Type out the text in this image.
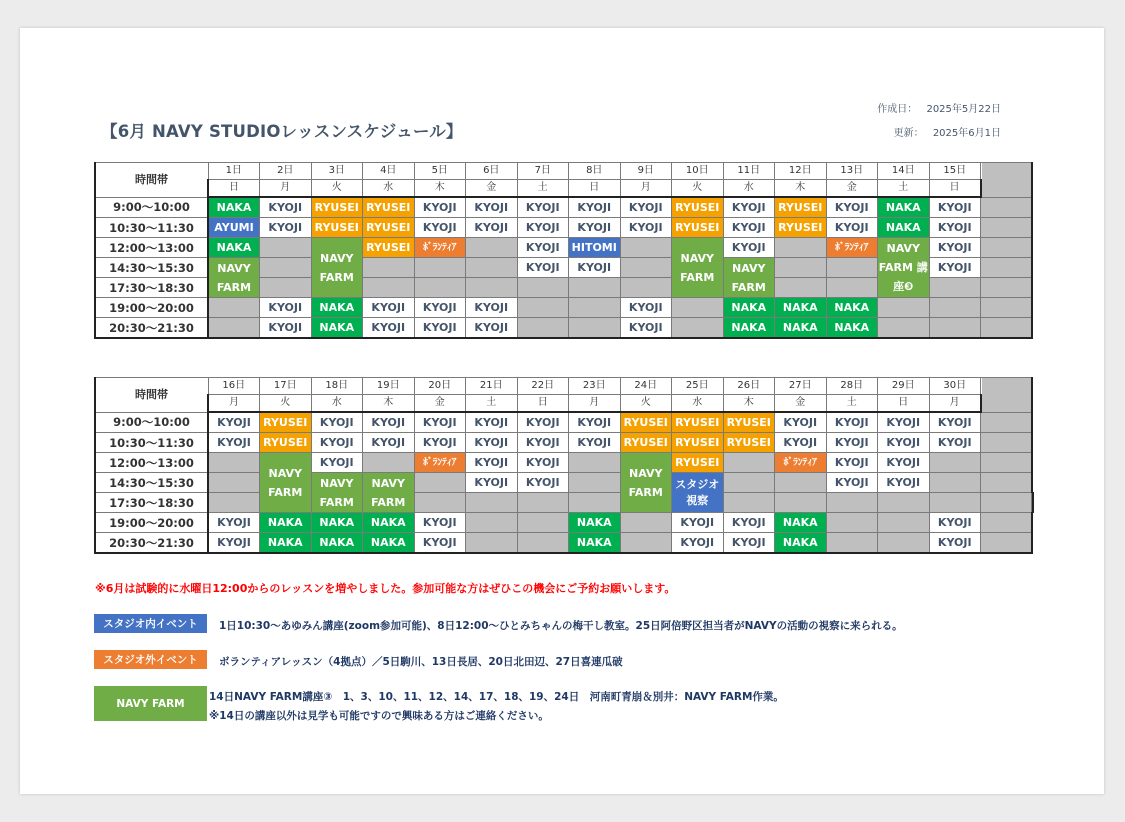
【6月 NAVY STUDIOレッスンスケジュール】
作成日： 2025年5月22日
更新： 2025年6月1日
時間帯	1日	2日	3日	4日	5日	6日	7日	8日	9日	10日	11日	12日	13日	14日	15日	
	日	月	火	水	木	金	土	日	月	火	水	木	金	土	日	
9:00～10:00	NAKA	KYOJI	RYUSEI	RYUSEI	KYOJI	KYOJI	KYOJI	KYOJI	KYOJI	RYUSEI	KYOJI	RYUSEI	KYOJI	NAKA	KYOJI	
10:30～11:30	AYUMI	KYOJI	RYUSEI	RYUSEI	KYOJI	KYOJI	KYOJI	KYOJI	KYOJI	RYUSEI	KYOJI	RYUSEI	KYOJI	NAKA	KYOJI	
12:00～13:00	NAKA		NAVY FARM	RYUSEI	ﾎﾞﾗﾝﾃｨｱ		KYOJI	HITOMI		NAVY FARM	KYOJI		ﾎﾞﾗﾝﾃｨｱ	NAVY FARM 講座❸	KYOJI	
14:30～15:30	NAVY FARM						KYOJI	KYOJI			NAVY FARM				KYOJI	
17:30～18:30																
19:00～20:00		KYOJI	NAKA	KYOJI	KYOJI	KYOJI			KYOJI		NAKA	NAKA	NAKA			
20:30～21:30		KYOJI	NAKA	KYOJI	KYOJI	KYOJI			KYOJI		NAKA	NAKA	NAKA			
時間帯	16日	17日	18日	19日	20日	21日	22日	23日	24日	25日	26日	27日	28日	29日	30日		
	月	火	水	木	金	土	日	月	火	水	木	金	土	日	月		
9:00～10:00	KYOJI	RYUSEI	KYOJI	KYOJI	KYOJI	KYOJI	KYOJI	KYOJI	RYUSEI	RYUSEI	RYUSEI	KYOJI	KYOJI	KYOJI	KYOJI		
10:30～11:30	KYOJI	RYUSEI	KYOJI	KYOJI	KYOJI	KYOJI	KYOJI	KYOJI	RYUSEI	RYUSEI	RYUSEI	KYOJI	KYOJI	KYOJI	KYOJI		
12:00～13:00		NAVY FARM	KYOJI		ﾎﾞﾗﾝﾃｨｱ	KYOJI	KYOJI		NAVY FARM	RYUSEI		ﾎﾞﾗﾝﾃｨｱ	KYOJI	KYOJI			
14:30～15:30			NAVY FARM	NAVY FARM		KYOJI	KYOJI			スタジオ 視察			KYOJI	KYOJI			
17:30～18:30																	
19:00～20:00	KYOJI	NAKA	NAKA	NAKA	KYOJI			NAKA		KYOJI	KYOJI	NAKA			KYOJI		
20:30～21:30	KYOJI	NAKA	NAKA	NAKA	KYOJI			NAKA		KYOJI	KYOJI	NAKA			KYOJI		
※6月は試験的に水曜日12:00からのレッスンを増やしました。参加可能な方はぜひこの機会にご予約お願いします。
スタジオ内イベント 1日10:30～あゆみん講座(zoom参加可能)、8日12:00～ひとみちゃんの梅干し教室。25日阿倍野区担当者がNAVYの活動の視察に来られる。
スタジオ外イベント ボランティアレッスン（4拠点）／5日駒川、13日長居、20日北田辺、27日喜連瓜破
NAVY FARM
14日NAVY FARM講座③　1、3、10、11、12、14、17、18、19、24日　河南町青崩＆別井：NAVY FARM作業。
※14日の講座以外は見学も可能ですので興味ある方はご連絡ください。
